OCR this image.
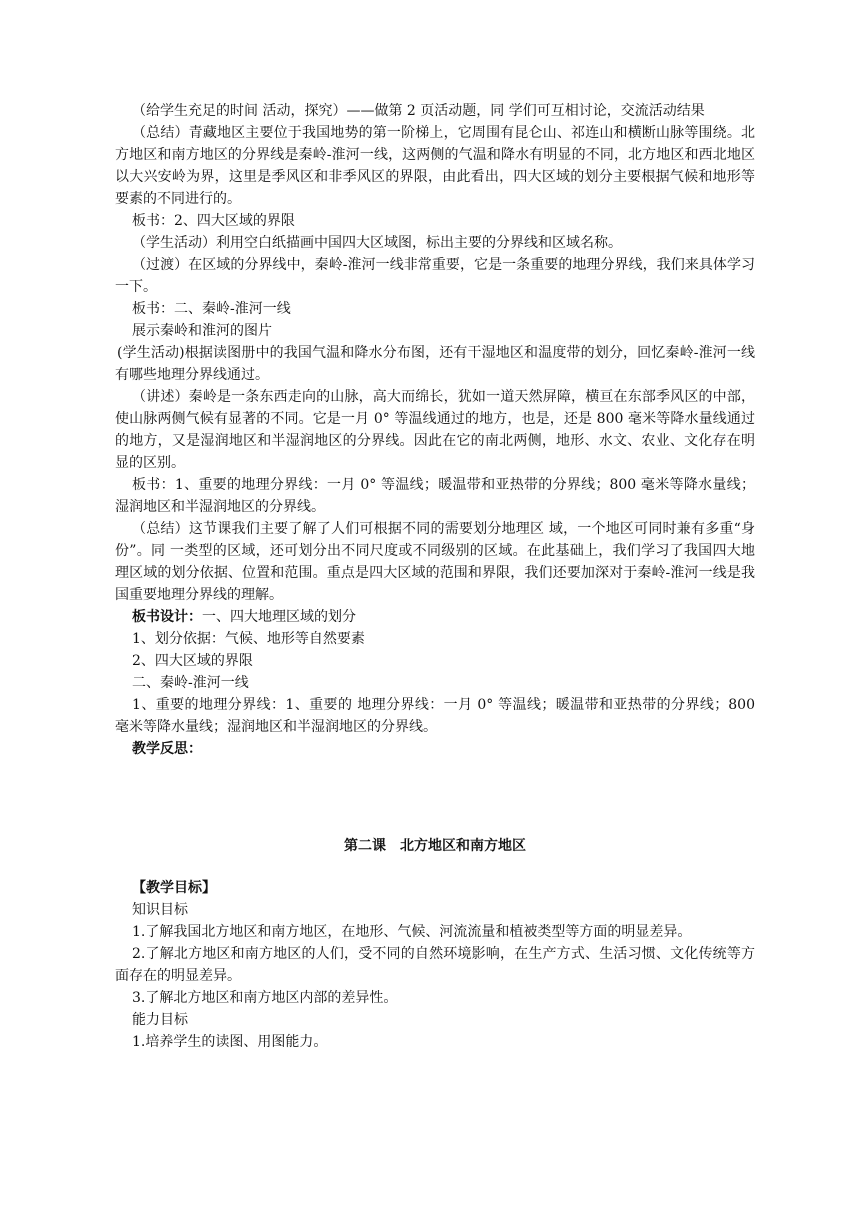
（给学生充足的时间 活动，探究）——做第 2 页活动题，同 学们可互相讨论，交流活动结果

（总结）青藏地区主要位于我国地势的第一阶梯上，它周围有昆仑山、祁连山和横断山脉等围绕。北方地区和南方地区的分界线是秦岭-淮河一线，这两侧的气温和降水有明显的不同，北方地区和西北地区以大兴安岭为界，这里是季风区和非季风区的界限，由此看出，四大区域的划分主要根据气候和地形等要素的不同进行的。

板书：2、四大区域的界限

（学生活动）利用空白纸描画中国四大区域图，标出主要的分界线和区域名称。

（过渡）在区域的分界线中，秦岭-淮河一线非常重要，它是一条重要的地理分界线，我们来具体学习一下。

板书：二、秦岭-淮河一线

展示秦岭和淮河的图片

(学生活动)根据读图册中的我国气温和降水分布图，还有干湿地区和温度带的划分，回忆秦岭-淮河一线有哪些地理分界线通过。

（讲述）秦岭是一条东西走向的山脉，高大而绵长，犹如一道天然屏障，横亘在东部季风区的中部，使山脉两侧气候有显著的不同。它是一月 0° 等温线通过的地方，也是，还是 800 毫米等降水量线通过的地方，又是湿润地区和半湿润地区的分界线。因此在它的南北两侧，地形、水文、农业、文化存在明显的区别。

板书：1、重要的地理分界线：一月 0° 等温线；暖温带和亚热带的分界线；800 毫米等降水量线；湿润地区和半湿润地区的分界线。

（总结）这节课我们主要了解了人们可根据不同的需要划分地理区 域，一个地区可同时兼有多重“身份”。同 一类型的区域，还可划分出不同尺度或不同级别的区域。在此基础上，我们学习了我国四大地理区域的划分依据、位置和范围。重点是四大区域的范围和界限，我们还要加深对于秦岭-淮河一线是我国重要地理分界线的理解。

板书设计：一、四大地理区域的划分

1、划分依据：气候、地形等自然要素

2、四大区域的界限

二、秦岭-淮河一线

1、重要的地理分界线：1、重要的 地理分界线：一月 0° 等温线；暖温带和亚热带的分界线；800 毫米等降水量线；湿润地区和半湿润地区的分界线。

教学反思：

第二课　北方地区和南方地区

【教学目标】

知识目标

1.了解我国北方地区和南方地区，在地形、气候、河流流量和植被类型等方面的明显差异。

2.了解北方地区和南方地区的人们，受不同的自然环境影响，在生产方式、生活习惯、文化传统等方面存在的明显差异。

3.了解北方地区和南方地区内部的差异性。

能力目标

1.培养学生的读图、用图能力。
